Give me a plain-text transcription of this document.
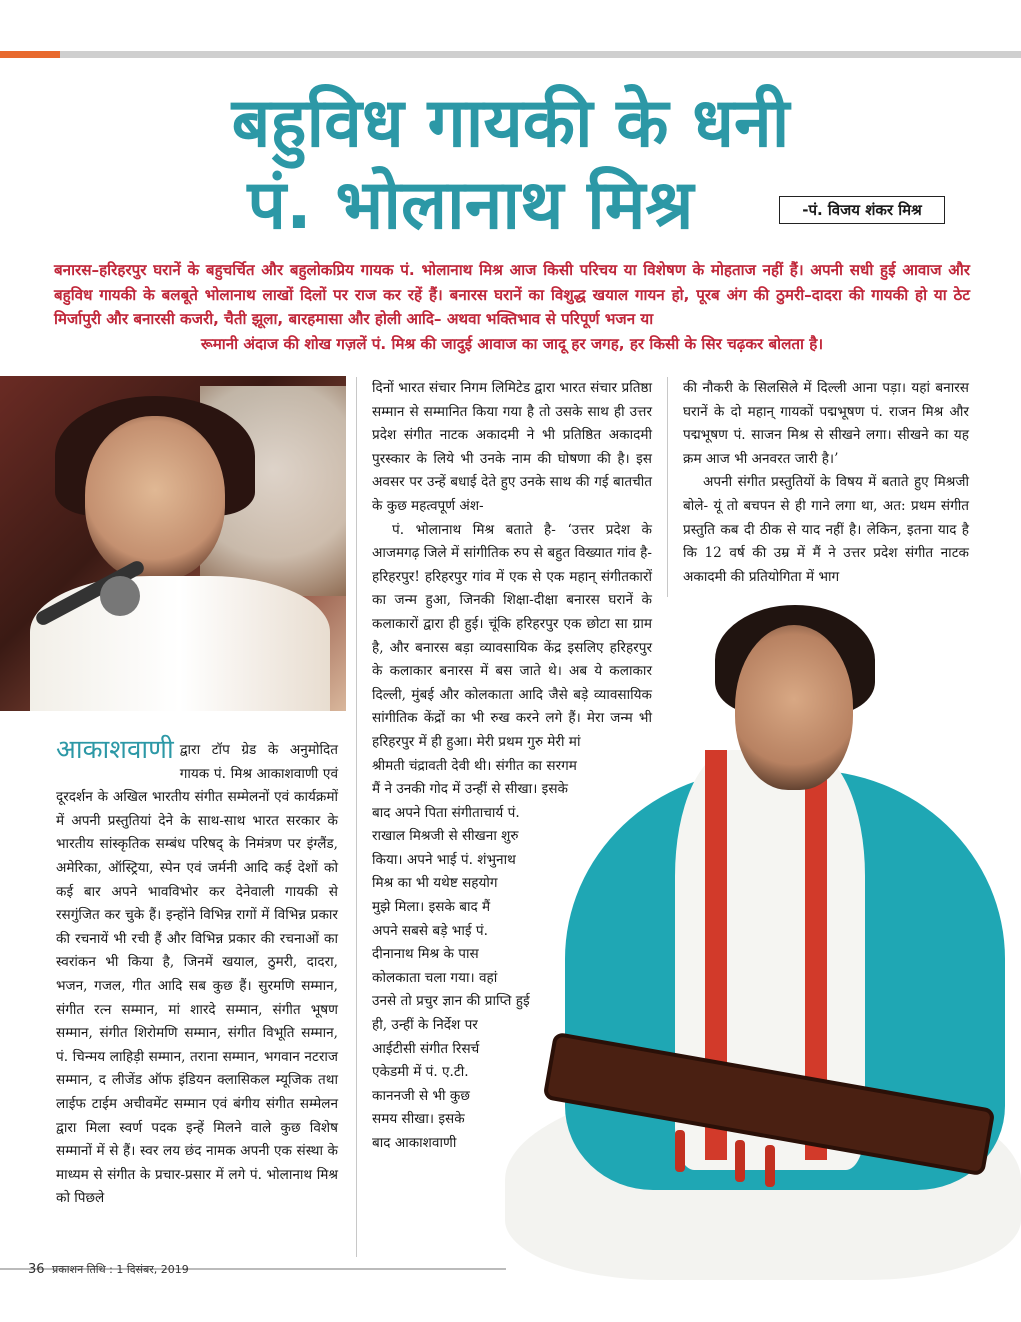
बहुविध गायकी के धनी
पं. भोलानाथ मिश्र	-पं. विजय शंकर मिश्र

बनारस–हरिहरपुर घरानें के बहुचर्चित और बहुलोकप्रिय गायक पं. भोलानाथ मिश्र आज किसी परिचय या विशेषण के मोहताज नहीं हैं। अपनी सधी हुई आवाज और बहुविध गायकी के बलबूते भोलानाथ लाखों दिलों पर राज कर रहें हैं। बनारस घरानें का विशुद्ध खयाल गायन हो, पूरब अंग की ठुमरी–दादरा की गायकी हो या ठेट मिर्जापुरी और बनारसी कजरी, चैती झूला, बारहमासा और होली आदि– अथवा भक्तिभाव से परिपूर्ण भजन या

रूमानी अंदाज की शोख गज़लें पं. मिश्र की जादुई आवाज का जादू हर जगह, हर किसी के सिर चढ़कर बोलता है।

आकाशवाणी द्वारा टॉप ग्रेड के अनुमोदित गायक पं. मिश्र आकाशवाणी एवं दूरदर्शन के अखिल भारतीय संगीत सम्मेलनों एवं कार्यक्रमों में अपनी प्रस्तुतियां देने के साथ-साथ भारत सरकार के भारतीय सांस्कृतिक सम्बंध परिषद् के निमंत्रण पर इंग्लैंड, अमेरिका, ऑस्ट्रिया, स्पेन एवं जर्मनी आदि कई देशों को कई बार अपने भावविभोर कर देनेवाली गायकी से रसगुंजित कर चुके हैं। इन्होंने विभिन्न रागों में विभिन्न प्रकार की रचनायें भी रची हैं और विभिन्न प्रकार की रचनाओं का स्वरांकन भी किया है, जिनमें खयाल, ठुमरी, दादरा, भजन, गजल, गीत आदि सब कुछ हैं। सुरमणि सम्मान, संगीत रत्न सम्मान, मां शारदे सम्मान, संगीत भूषण सम्मान, संगीत शिरोमणि सम्मान, संगीत विभूति सम्मान, पं. चिन्मय लाहिड़ी सम्मान, तराना सम्मान, भगवान नटराज सम्मान, द लीजेंड ऑफ इंडियन क्लासिकल म्यूजिक तथा लाईफ टाईम अचीवमेंट सम्मान एवं बंगीय संगीत सम्मेलन द्वारा मिला स्वर्ण पदक इन्हें मिलने वाले कुछ विशेष सम्मानों में से हैं। स्वर लय छंद नामक अपनी एक संस्था के माध्यम से संगीत के प्रचार-प्रसार में लगे पं. भोलानाथ मिश्र को पिछले

दिनों भारत संचार निगम लिमिटेड द्वारा भारत संचार प्रतिष्ठा सम्मान से सम्मानित किया गया है तो उसके साथ ही उत्तर प्रदेश संगीत नाटक अकादमी ने भी प्रतिष्ठित अकादमी पुरस्कार के लिये भी उनके नाम की घोषणा की है। इस अवसर पर उन्हें बधाई देते हुए उनके साथ की गई बातचीत के कुछ महत्वपूर्ण अंश-

पं. भोलानाथ मिश्र बताते है- ‘उत्तर प्रदेश के आजमगढ़ जिले में सांगीतिक रुप से बहुत विख्यात गांव है- हरिहरपुर! हरिहरपुर गांव में एक से एक महान् संगीतकारों का जन्म हुआ, जिनकी शिक्षा-दीक्षा बनारस घरानें के कलाकारों द्वारा ही हुई। चूंकि हरिहरपुर एक छोटा सा ग्राम है, और बनारस बड़ा व्यावसायिक केंद्र इसलिए हरिहरपुर के कलाकार बनारस में बस जाते थे। अब ये कलाकार दिल्ली, मुंबई और कोलकाता आदि जैसे बड़े व्यावसायिक सांगीतिक केंद्रों का भी रुख करने लगे हैं। मेरा जन्म भी हरिहरपुर में ही हुआ। मेरी प्रथम गुरु मेरी मां

श्रीमती चंद्रावती देवी थी। संगीत का सरगम
मैं ने उनकी गोद में उन्हीं से सीखा। इसके
बाद अपने पिता संगीताचार्य पं.
राखाल मिश्रजी से सीखना शुरु
किया। अपने भाई पं. शंभुनाथ
मिश्र का भी यथेष्ट सहयोग
मुझे मिला। इसके बाद मैं
अपने सबसे बड़े भाई पं.
दीनानाथ मिश्र के पास
कोलकाता चला गया। वहां
उनसे तो प्रचुर ज्ञान की प्राप्ति हुई
ही, उन्हीं के निर्देश पर
आईटीसी संगीत रिसर्च
एकेडमी में पं. ए.टी.
काननजी से भी कुछ
समय सीखा। इसके
बाद आकाशवाणी

की नौकरी के सिलसिले में दिल्ली आना पड़ा। यहां बनारस घरानें के दो महान् गायकों पद्मभूषण पं. राजन मिश्र और पद्मभूषण पं. साजन मिश्र से सीखने लगा। सीखने का यह क्रम आज भी अनवरत जारी है।’

अपनी संगीत प्रस्तुतियों के विषय में बताते हुए मिश्रजी बोले- यूं तो बचपन से ही गाने लगा था, अत: प्रथम संगीत प्रस्तुति कब दी ठीक से याद नहीं है। लेकिन, इतना याद है कि 12 वर्ष की उम्र में मैं ने उत्तर प्रदेश संगीत नाटक अकादमी की प्रतियोगिता में भाग

36 प्रकाशन तिथि : 1 दिसंबर, 2019
